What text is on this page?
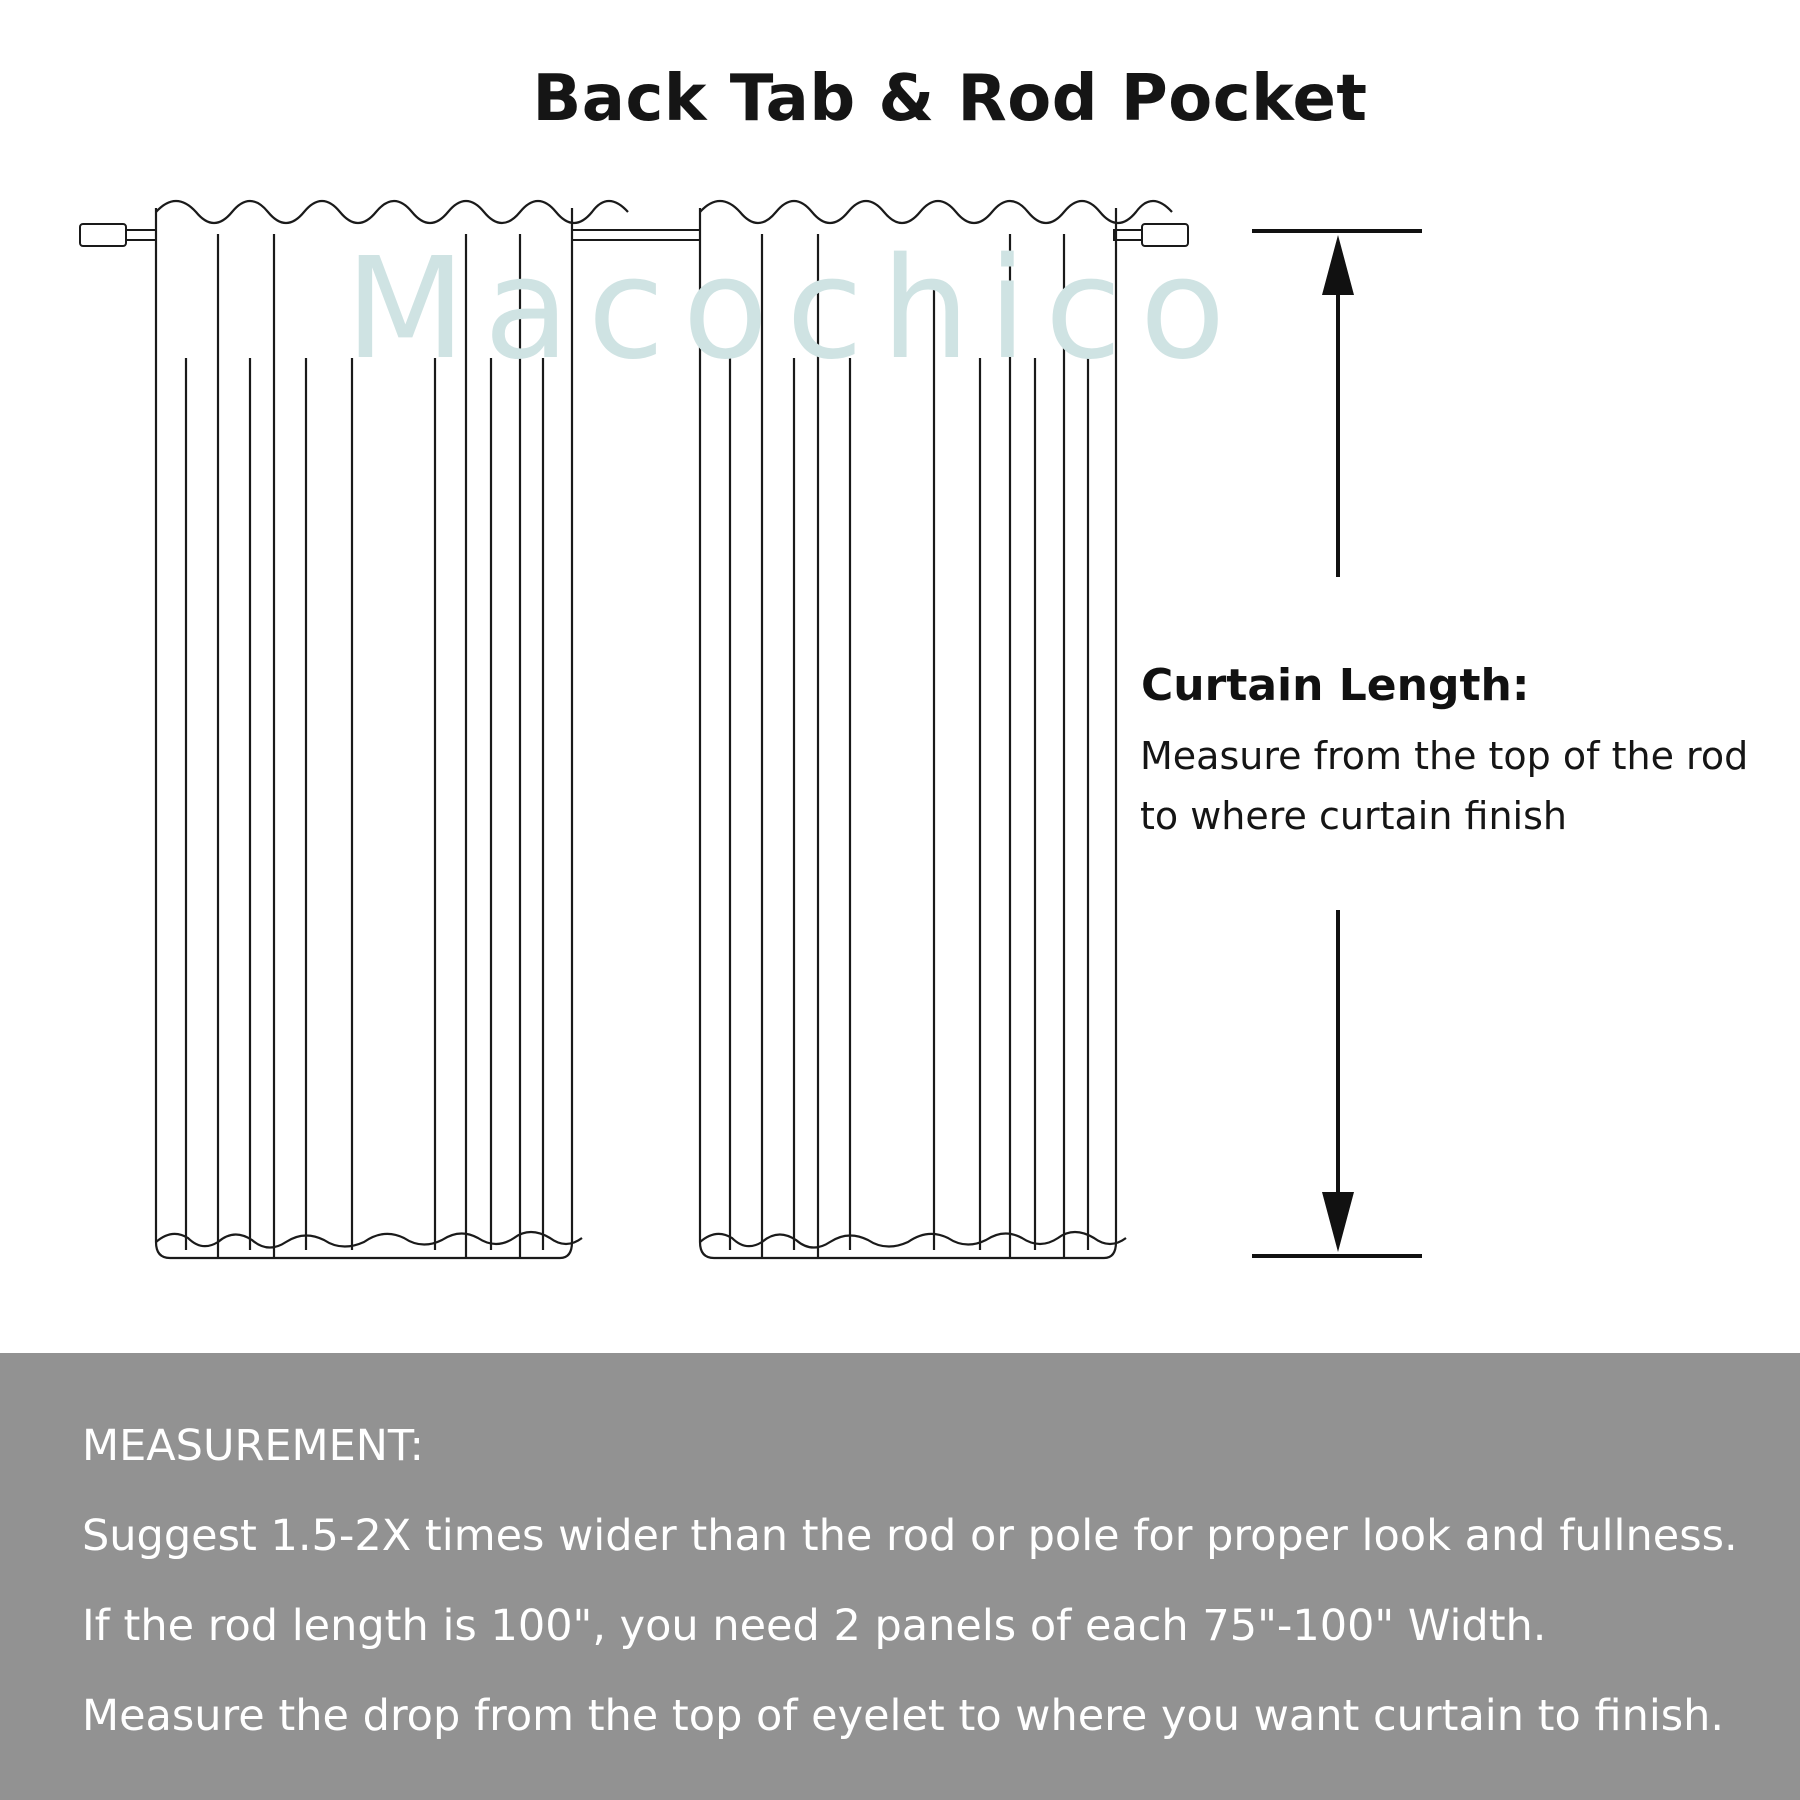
Back Tab & Rod Pocket
Macochico
Curtain Length:
Measure from the top of the rod
to where curtain finish
MEASUREMENT:
Suggest 1.5-2X times wider than the rod or pole for proper look and fullness.
If the rod length is 100", you need 2 panels of each 75"-100" Width.
Measure the drop from the top of eyelet to where you want curtain to finish.
